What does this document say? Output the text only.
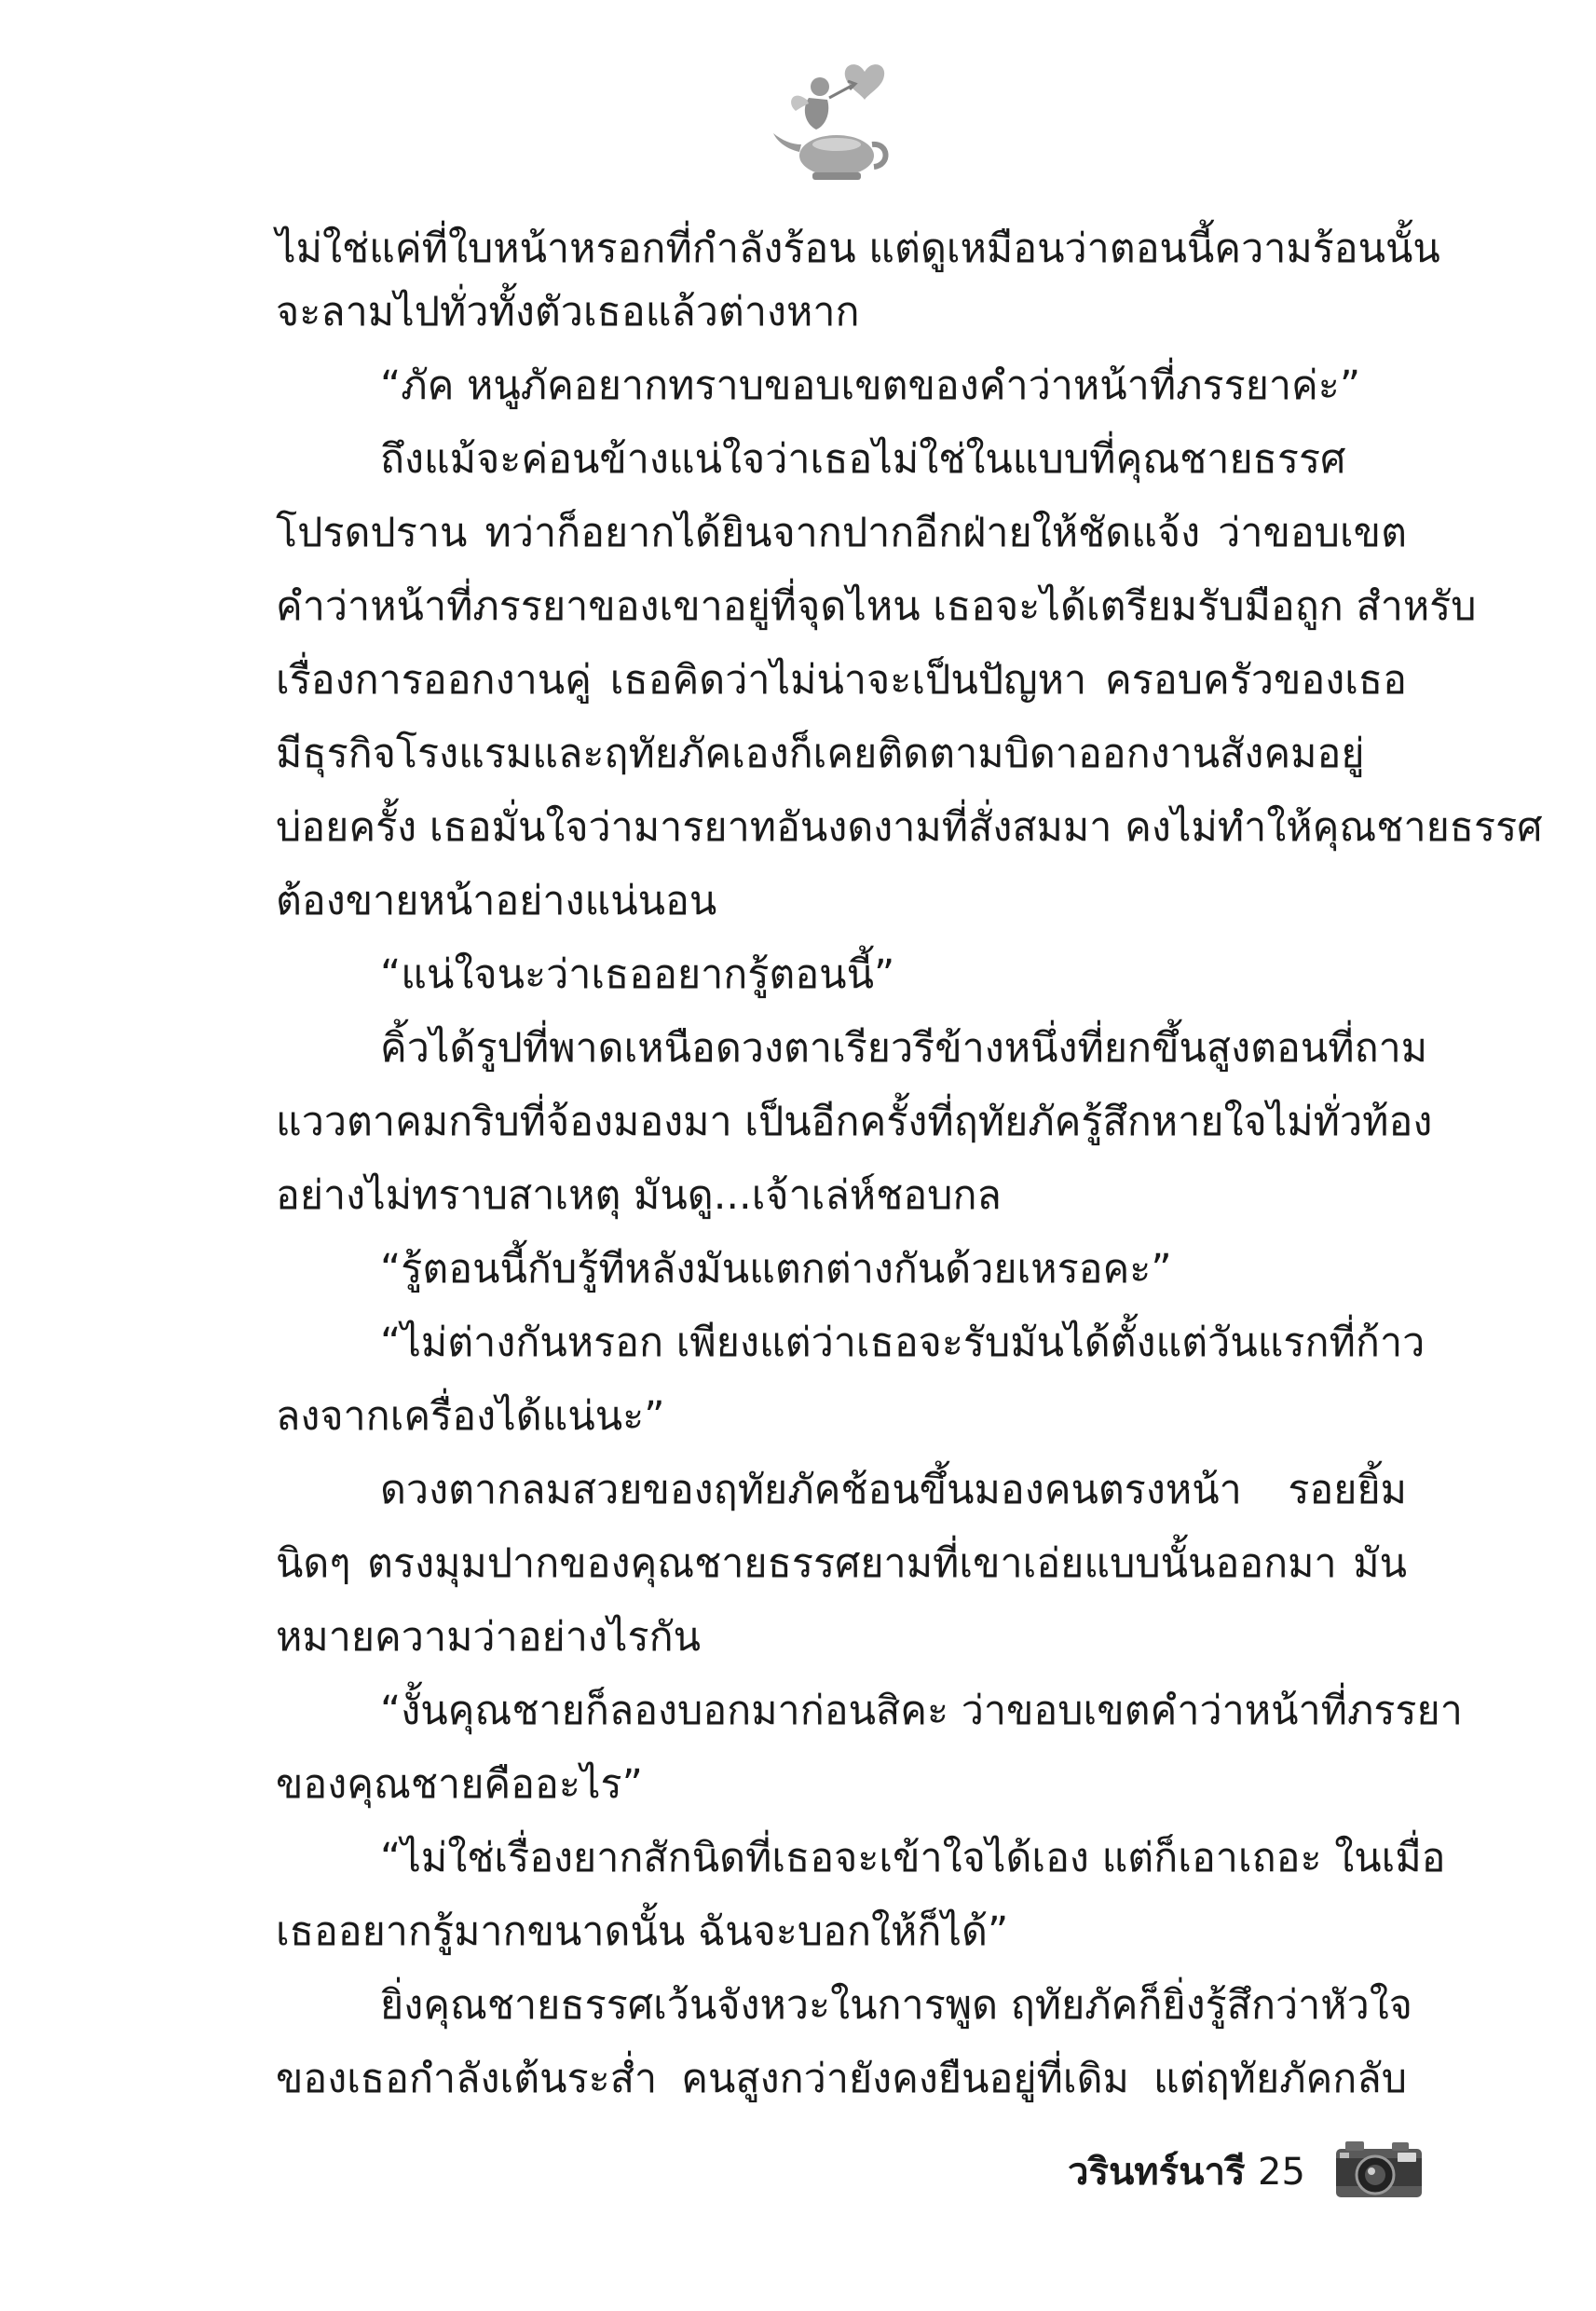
ไม่ใช่แค่ที่ใบหน้าหรอกที่กำลังร้อน แต่ดูเหมือนว่าตอนนี้ความร้อนนั้น
จะลามไปทั่วทั้งตัวเธอแล้วต่างหาก
“ภัค หนูภัคอยากทราบขอบเขตของคำว่าหน้าที่ภรรยาค่ะ”
ถึงแม้จะค่อนข้างแน่ใจว่าเธอไม่ใช่ในแบบที่คุณชายธรรศ
โปรดปราน ทว่าก็อยากได้ยินจากปากอีกฝ่ายให้ชัดแจ้ง ว่าขอบเขต
คำว่าหน้าที่ภรรยาของเขาอยู่ที่จุดไหน เธอจะได้เตรียมรับมือถูก สำหรับ
เรื่องการออกงานคู่ เธอคิดว่าไม่น่าจะเป็นปัญหา ครอบครัวของเธอ
มีธุรกิจโรงแรมและฤทัยภัคเองก็เคยติดตามบิดาออกงานสังคมอยู่
บ่อยครั้ง เธอมั่นใจว่ามารยาทอันงดงามที่สั่งสมมา คงไม่ทำให้คุณชายธรรศ
ต้องขายหน้าอย่างแน่นอน
“แน่ใจนะว่าเธออยากรู้ตอนนี้”
คิ้วได้รูปที่พาดเหนือดวงตาเรียวรีข้างหนึ่งที่ยกขึ้นสูงตอนที่ถาม
แววตาคมกริบที่จ้องมองมา เป็นอีกครั้งที่ฤทัยภัครู้สึกหายใจไม่ทั่วท้อง
อย่างไม่ทราบสาเหตุ มันดู...เจ้าเล่ห์ชอบกล
“รู้ตอนนี้กับรู้ทีหลังมันแตกต่างกันด้วยเหรอคะ”
“ไม่ต่างกันหรอก เพียงแต่ว่าเธอจะรับมันได้ตั้งแต่วันแรกที่ก้าว
ลงจากเครื่องได้แน่นะ”
ดวงตากลมสวยของฤทัยภัคช้อนขึ้นมองคนตรงหน้า รอยยิ้ม
นิดๆ ตรงมุมปากของคุณชายธรรศยามที่เขาเอ่ยแบบนั้นออกมา มัน
หมายความว่าอย่างไรกัน
“งั้นคุณชายก็ลองบอกมาก่อนสิคะ ว่าขอบเขตคำว่าหน้าที่ภรรยา
ของคุณชายคืออะไร”
“ไม่ใช่เรื่องยากสักนิดที่เธอจะเข้าใจได้เอง แต่ก็เอาเถอะ ในเมื่อ
เธออยากรู้มากขนาดนั้น ฉันจะบอกให้ก็ได้”
ยิ่งคุณชายธรรศเว้นจังหวะในการพูด ฤทัยภัคก็ยิ่งรู้สึกว่าหัวใจ
ของเธอกำลังเต้นระส่ำ คนสูงกว่ายังคงยืนอยู่ที่เดิม แต่ฤทัยภัคกลับ
วรินทร์นารี 25
